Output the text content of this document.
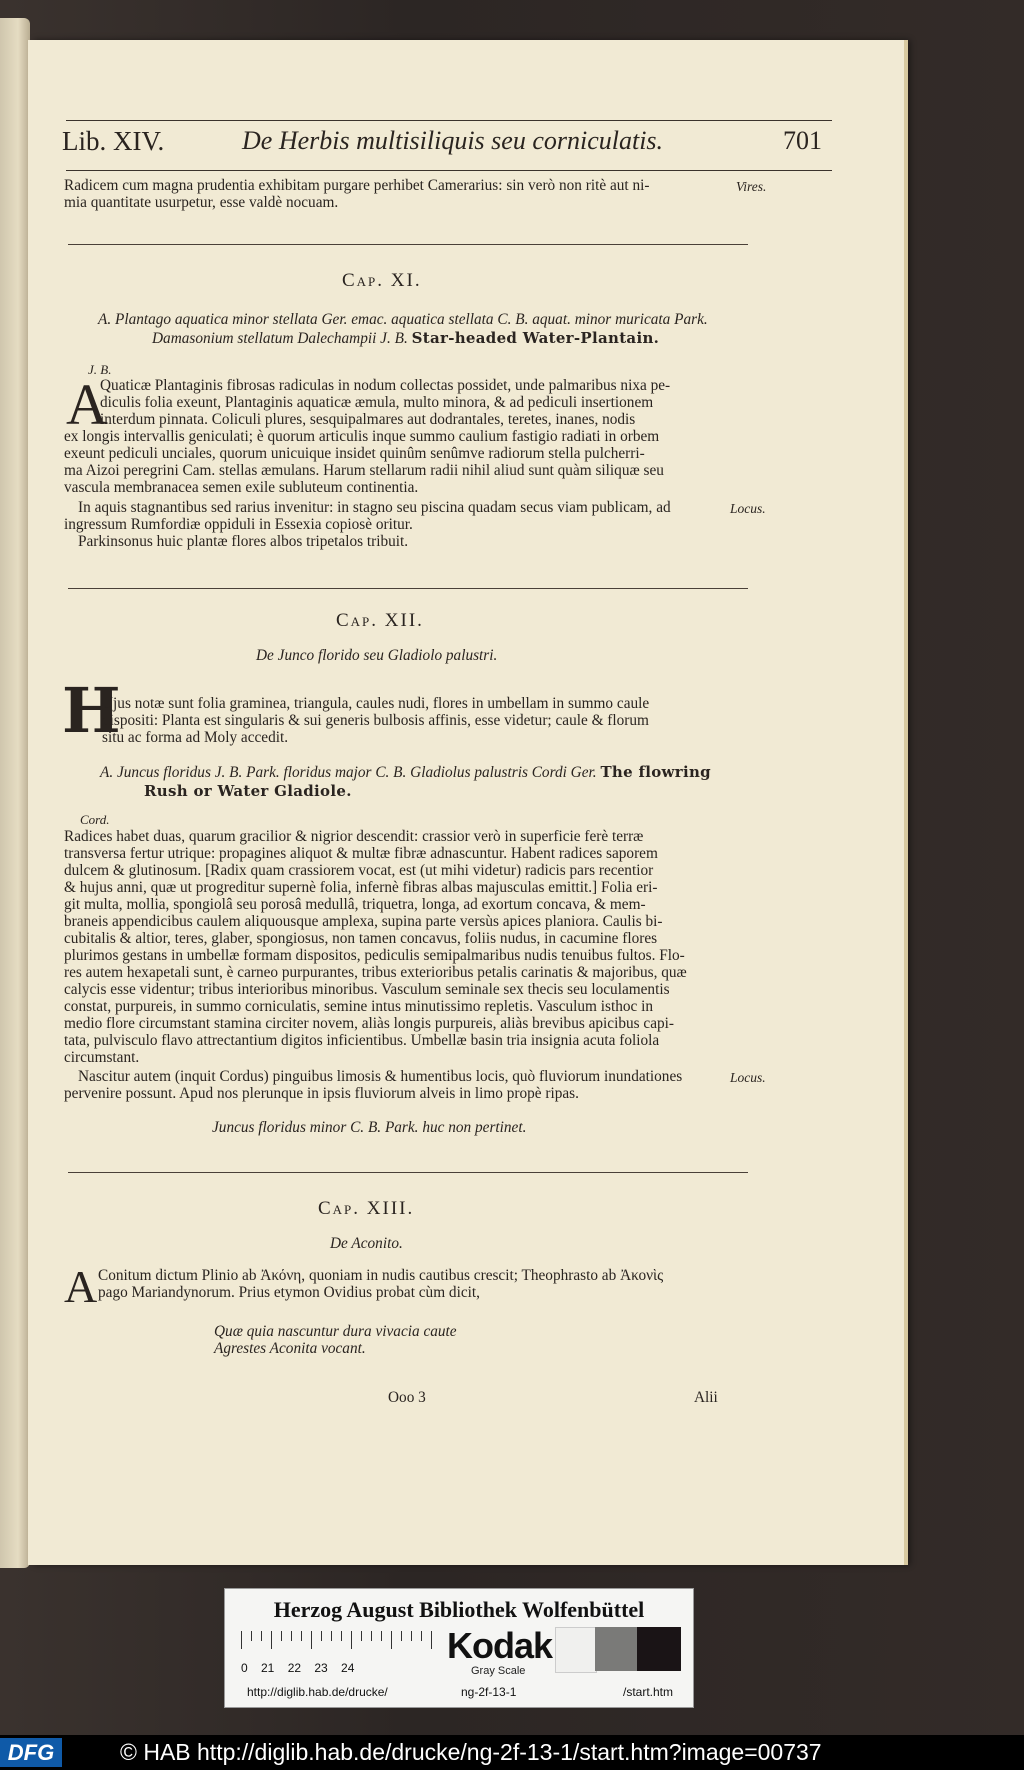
Lib. XIV.	De Herbis multisiliquis seu corniculatis.	701
Radicem cum magna prudentia exhibitam purgare perhibet Camerarius: sin verò non ritè aut ni-
mia quantitate usurpetur, esse valdè nocuam.
Vires.
Cap. XI.
A. Plantago aquatica minor stellata Ger. emac. aquatica stellata C. B. aquat. minor muricata Park.
Damasonium stellatum Dalechampii J. B. Star-headed Water-Plantain.
J. B.
A
Quaticæ Plantaginis fibrosas radiculas in nodum collectas possidet, unde palmaribus nixa pe-
diculis folia exeunt, Plantaginis aquaticæ æmula, multo minora, & ad pediculi insertionem
interdum pinnata. Coliculi plures, sesquipalmares aut dodrantales, teretes, inanes, nodis
ex longis intervallis geniculati; è quorum articulis inque summo caulium fastigio radiati in orbem
exeunt pediculi unciales, quorum unicuique insidet quinûm senûmve radiorum stella pulcherri-
ma Aizoi peregrini Cam. stellas æmulans. Harum stellarum radii nihil aliud sunt quàm siliquæ seu
vascula membranacea semen exile subluteum continentia.
In aquis stagnantibus sed rarius invenitur: in stagno seu piscina quadam secus viam publicam, ad
ingressum Rumfordiæ oppiduli in Essexia copiosè oritur.
Locus.
Parkinsonus huic plantæ flores albos tripetalos tribuit.
Cap. XII.
De Junco florido seu Gladiolo palustri.
H
Ujus notæ sunt folia graminea, triangula, caules nudi, flores in umbellam in summo caule
dispositi: Planta est singularis & sui generis bulbosis affinis, esse videtur; caule & florum
situ ac forma ad Moly accedit.
A. Juncus floridus J. B. Park. floridus major C. B. Gladiolus palustris Cordi Ger. The flowring
Rush or Water Gladiole.
Cord.
Radices habet duas, quarum gracilior & nigrior descendit: crassior verò in superficie ferè terræ
transversa fertur utrique: propagines aliquot & multæ fibræ adnascuntur. Habent radices saporem
dulcem & glutinosum. [Radix quam crassiorem vocat, est (ut mihi videtur) radicis pars recentior
& hujus anni, quæ ut progreditur supernè folia, infernè fibras albas majusculas emittit.] Folia eri-
git multa, mollia, spongiolâ seu porosâ medullâ, triquetra, longa, ad exortum concava, & mem-
braneis appendicibus caulem aliquousque amplexa, supina parte versùs apices planiora. Caulis bi-
cubitalis & altior, teres, glaber, spongiosus, non tamen concavus, foliis nudus, in cacumine flores
plurimos gestans in umbellæ formam dispositos, pediculis semipalmaribus nudis tenuibus fultos. Flo-
res autem hexapetali sunt, è carneo purpurantes, tribus exterioribus petalis carinatis & majoribus, quæ
calycis esse videntur; tribus interioribus minoribus. Vasculum seminale sex thecis seu loculamentis
constat, purpureis, in summo corniculatis, semine intus minutissimo repletis. Vasculum isthoc in
medio flore circumstant stamina circiter novem, aliàs longis purpureis, aliàs brevibus apicibus capi-
tata, pulvisculo flavo attrectantium digitos inficientibus. Umbellæ basin tria insignia acuta foliola
circumstant.
Nascitur autem (inquit Cordus) pinguibus limosis & humentibus locis, quò fluviorum inundationes
pervenire possunt. Apud nos plerunque in ipsis fluviorum alveis in limo propè ripas.
Locus.
Juncus floridus minor C. B. Park. huc non pertinet.
Cap. XIII.
De Aconito.
A Conitum dictum Plinio ab Ἀκόνη, quoniam in nudis cautibus crescit; Theophrasto ab Ἀκονὶς
pago Mariandynorum. Prius etymon Ovidius probat cùm dicit,
Quæ quia nascuntur dura vivacia caute
Agrestes Aconita vocant.
Ooo 3	Alii
Herzog August Bibliothek Wolfenbüttel
0    21    22    23    24
Kodak
Gray Scale
http://diglib.hab.de/drucke/	ng-2f-13-1	/start.htm
DFG	© HAB http://diglib.hab.de/drucke/ng-2f-13-1/start.htm?image=00737
